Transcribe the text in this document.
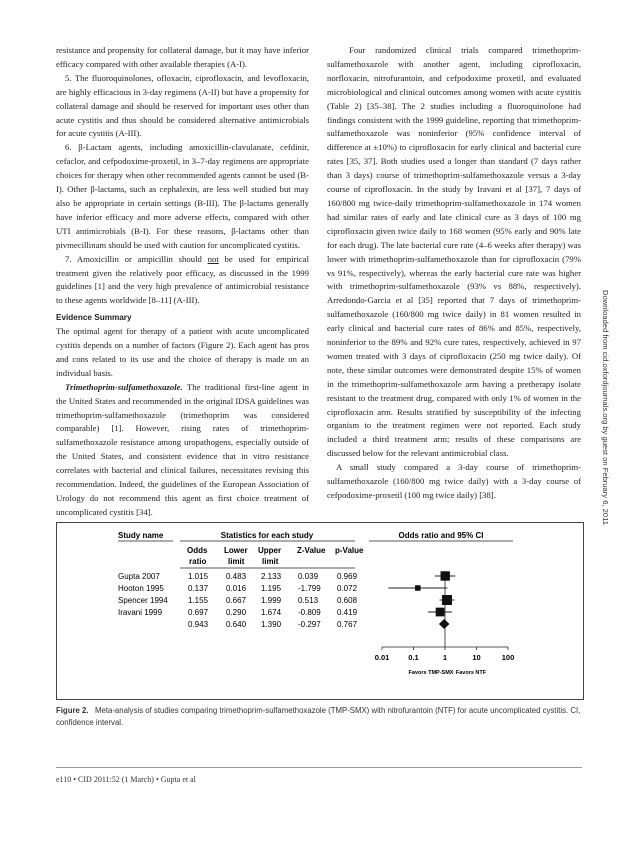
resistance and propensity for collateral damage, but it may have inferior efficacy compared with other available therapies (A-I).

5. The fluoroquinolones, ofloxacin, ciprofloxacin, and levofloxacin, are highly efficacious in 3-day regimens (A-II) but have a propensity for collateral damage and should be reserved for important uses other than acute cystitis and thus should be considered alternative antimicrobials for acute cystitis (A-III).

6. β-Lactam agents, including amoxicillin-clavulanate, cefdinir, cefaclor, and cefpodoxime-proxetil, in 3–7-day regimens are appropriate choices for therapy when other recommended agents cannot be used (B-I). Other β-lactams, such as cephalexin, are less well studied but may also be appropriate in certain settings (B-III). The β-lactams generally have inferior efficacy and more adverse effects, compared with other UTI antimicrobials (B-I). For these reasons, β-lactams other than pivmecillinam should be used with caution for uncomplicated cystitis.

7. Amoxicillin or ampicillin should not be used for empirical treatment given the relatively poor efficacy, as discussed in the 1999 guidelines [1] and the very high prevalence of antimicrobial resistance to these agents worldwide [8–11] (A-III).

Evidence Summary

The optimal agent for therapy of a patient with acute uncomplicated cystitis depends on a number of factors (Figure 2). Each agent has pros and cons related to its use and the choice of therapy is made on an individual basis.

Trimethoprim-sulfamethoxazole. The traditional first-line agent in the United States and recommended in the original IDSA guidelines was trimethoprim-sulfamethoxazole (trimethoprim was considered comparable) [1]. However, rising rates of trimethoprim-sulfamethoxazole resistance among uropathogens, especially outside of the United States, and consistent evidence that in vitro resistance correlates with bacterial and clinical failures, necessitates revising this recommendation. Indeed, the guidelines of the European Association of Urology do not recommend this agent as first choice treatment of uncomplicated cystitis [34].

Four randomized clinical trials compared trimethoprim-sulfamethoxazole with another agent, including ciprofloxacin, norfloxacin, nitrofurantoin, and cefpodoxime proxetil, and evaluated microbiological and clinical outcomes among women with acute cystitis (Table 2) [35–38]. The 2 studies including a fluoroquinolone had findings consistent with the 1999 guideline, reporting that trimethoprim-sulfamethoxazole was noninferior (95% confidence interval of difference at ±10%) to ciprofloxacin for early clinical and bacterial cure rates [35, 37]. Both studies used a longer than standard (7 days rather than 3 days) course of trimethoprim-sulfamethoxazole versus a 3-day course of ciprofloxacin. In the study by Iravani et al [37], 7 days of 160/800 mg twice-daily trimethoprim-sulfamethoxazole in 174 women had similar rates of early and late clinical cure as 3 days of 100 mg ciprofloxacin given twice daily to 168 women (95% early and 90% late for each drug). The late bacterial cure rate (4–6 weeks after therapy) was lower with trimethoprim-sulfamethoxazole than for ciprofloxacin (79% vs 91%, respectively), whereas the early bacterial cure rate was higher with trimethoprim-sulfamethoxazole (93% vs 88%, respectively). Arredondo-Garcia et al [35] reported that 7 days of trimethoprim-sulfamethoxazole (160/800 mg twice daily) in 81 women resulted in early clinical and bacterial cure rates of 86% and 85%, respectively, noninferior to the 89% and 92% cure rates, respectively, achieved in 97 women treated with 3 days of ciprofloxacin (250 mg twice daily). Of note, these similar outcomes were demonstrated despite 15% of women in the trimethoprim-sulfamethoxazole arm having a pretherapy isolate resistant to the treatment drug, compared with only 1% of women in the ciprofloxacin arm. Results stratified by susceptibility of the infecting organism to the treatment regimen were not reported. Each study included a third treatment arm; results of these comparisons are discussed below for the relevant antimicrobial class.

A small study compared a 3-day course of trimethoprim-sulfamethoxazole (160/800 mg twice daily) with a 3-day course of cefpodoxime-proxetil (100 mg twice daily) [38].	Downloaded from cid.oxfordjournals.org by guest on February 6, 2011
Study name	Statistics for each study	Odds ratio and 95% CI
Odds
ratio
Lower
limit
Upper
limit
Z-Value p-Value
Gupta 2007	1.015 0.483 2.133 0.039 0.969
Hooton 1995	0.137 0.016 1.195 -1.799 0.072
Spencer 1994	1.155 0.667 1.999 0.513 0.608
Iravani 1999	0.697 0.290 1.674 -0.809 0.419
0.943 0.640 1.390 -0.297 0.767
0.01	0.1	1	10	100
Favors TMP-SMX Favors NTF
Figure 2. Meta-analysis of studies comparing trimethoprim-sulfamethoxazole (TMP-SMX) with nitrofurantoin (NTF) for acute uncomplicated cystitis. CI, confidence interval.
e110 • CID 2011:52 (1 March) • Gupta et al
